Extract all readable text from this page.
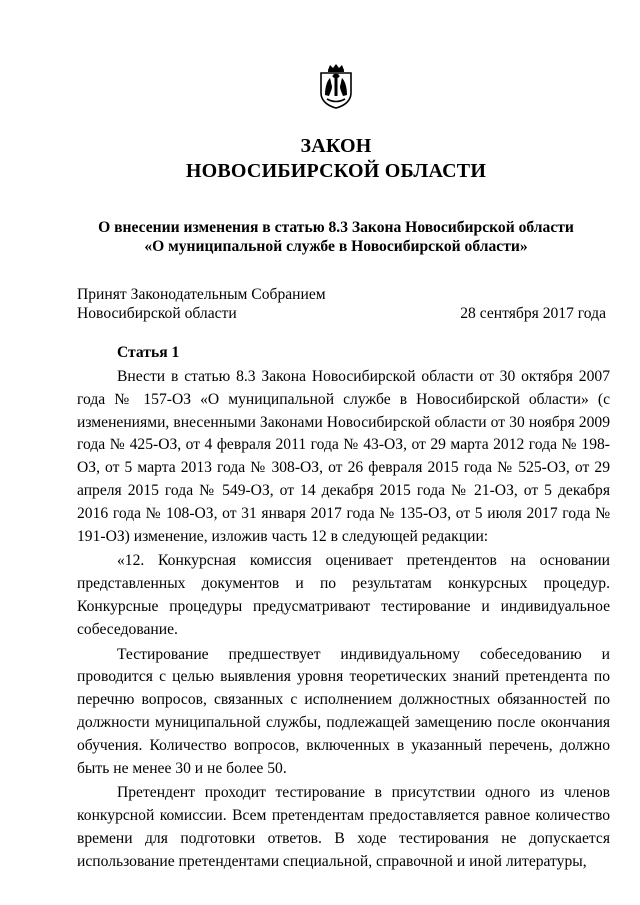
ЗАКОН
НОВОСИБИРСКОЙ ОБЛАСТИ
О внесении изменения в статью 8.3 Закона Новосибирской области
«О муниципальной службе в Новосибирской области»
Принят Законодательным Собранием
Новосибирской области	28 сентября 2017 года
Статья 1

Внести в статью 8.3 Закона Новосибирской области от 30 октября 2007 года № 157-ОЗ «О муниципальной службе в Новосибирской области» (с изменениями, внесенными Законами Новосибирской области от 30 ноября 2009 года № 425-ОЗ, от 4 февраля 2011 года № 43-ОЗ, от 29 марта 2012 года № 198-ОЗ, от 5 марта 2013 года № 308-ОЗ, от 26 февраля 2015 года № 525-ОЗ, от 29 апреля 2015 года № 549-ОЗ, от 14 декабря 2015 года № 21-ОЗ, от 5 декабря 2016 года № 108-ОЗ, от 31 января 2017 года № 135-ОЗ, от 5 июля 2017 года № 191-ОЗ) изменение, изложив часть 12 в следующей редакции:

«12. Конкурсная комиссия оценивает претендентов на основании представленных документов и по результатам конкурсных процедур. Конкурсные процедуры предусматривают тестирование и индивидуальное собеседование.

Тестирование предшествует индивидуальному собеседованию и проводится с целью выявления уровня теоретических знаний претендента по перечню вопросов, связанных с исполнением должностных обязанностей по должности муниципальной службы, подлежащей замещению после окончания обучения. Количество вопросов, включенных в указанный перечень, должно быть не менее 30 и не более 50.

Претендент проходит тестирование в присутствии одного из членов конкурсной комиссии. Всем претендентам предоставляется равное количество времени для подготовки ответов. В ходе тестирования не допускается использование претендентами специальной, справочной и иной литературы,
